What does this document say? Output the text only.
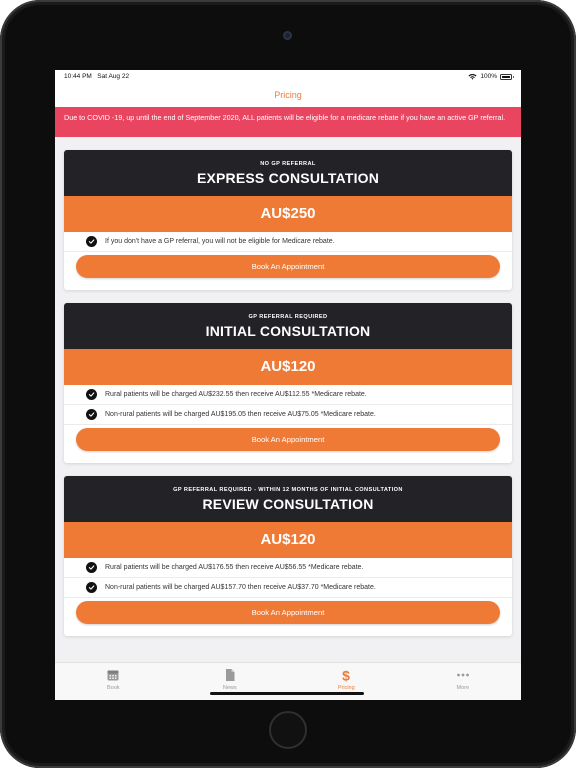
10:44 PM Sat Aug 22	100%
Pricing
Due to COVID -19, up until the end of September 2020, ALL patients will be eligible for a medicare rebate if you have an active GP referral.
NO GP REFERRAL
EXPRESS CONSULTATION
AU$250
If you don't have a GP referral, you will not be eligible for Medicare rebate.
Book An Appointment
GP REFERRAL REQUIRED
INITIAL CONSULTATION
AU$120
Rural patients will be charged AU$232.55 then receive AU$112.55 *Medicare rebate.
Non-rural patients will be charged AU$195.05 then receive AU$75.05 *Medicare rebate.
Book An Appointment
GP REFERRAL REQUIRED - WITHIN 12 MONTHS OF INITIAL CONSULTATION
REVIEW CONSULTATION
AU$120
Rural patients will be charged AU$176.55 then receive AU$56.55 *Medicare rebate.
Non-rural patients will be charged AU$157.70 then receive AU$37.70 *Medicare rebate.
Book An Appointment
Book	News
$
Pricing	More
